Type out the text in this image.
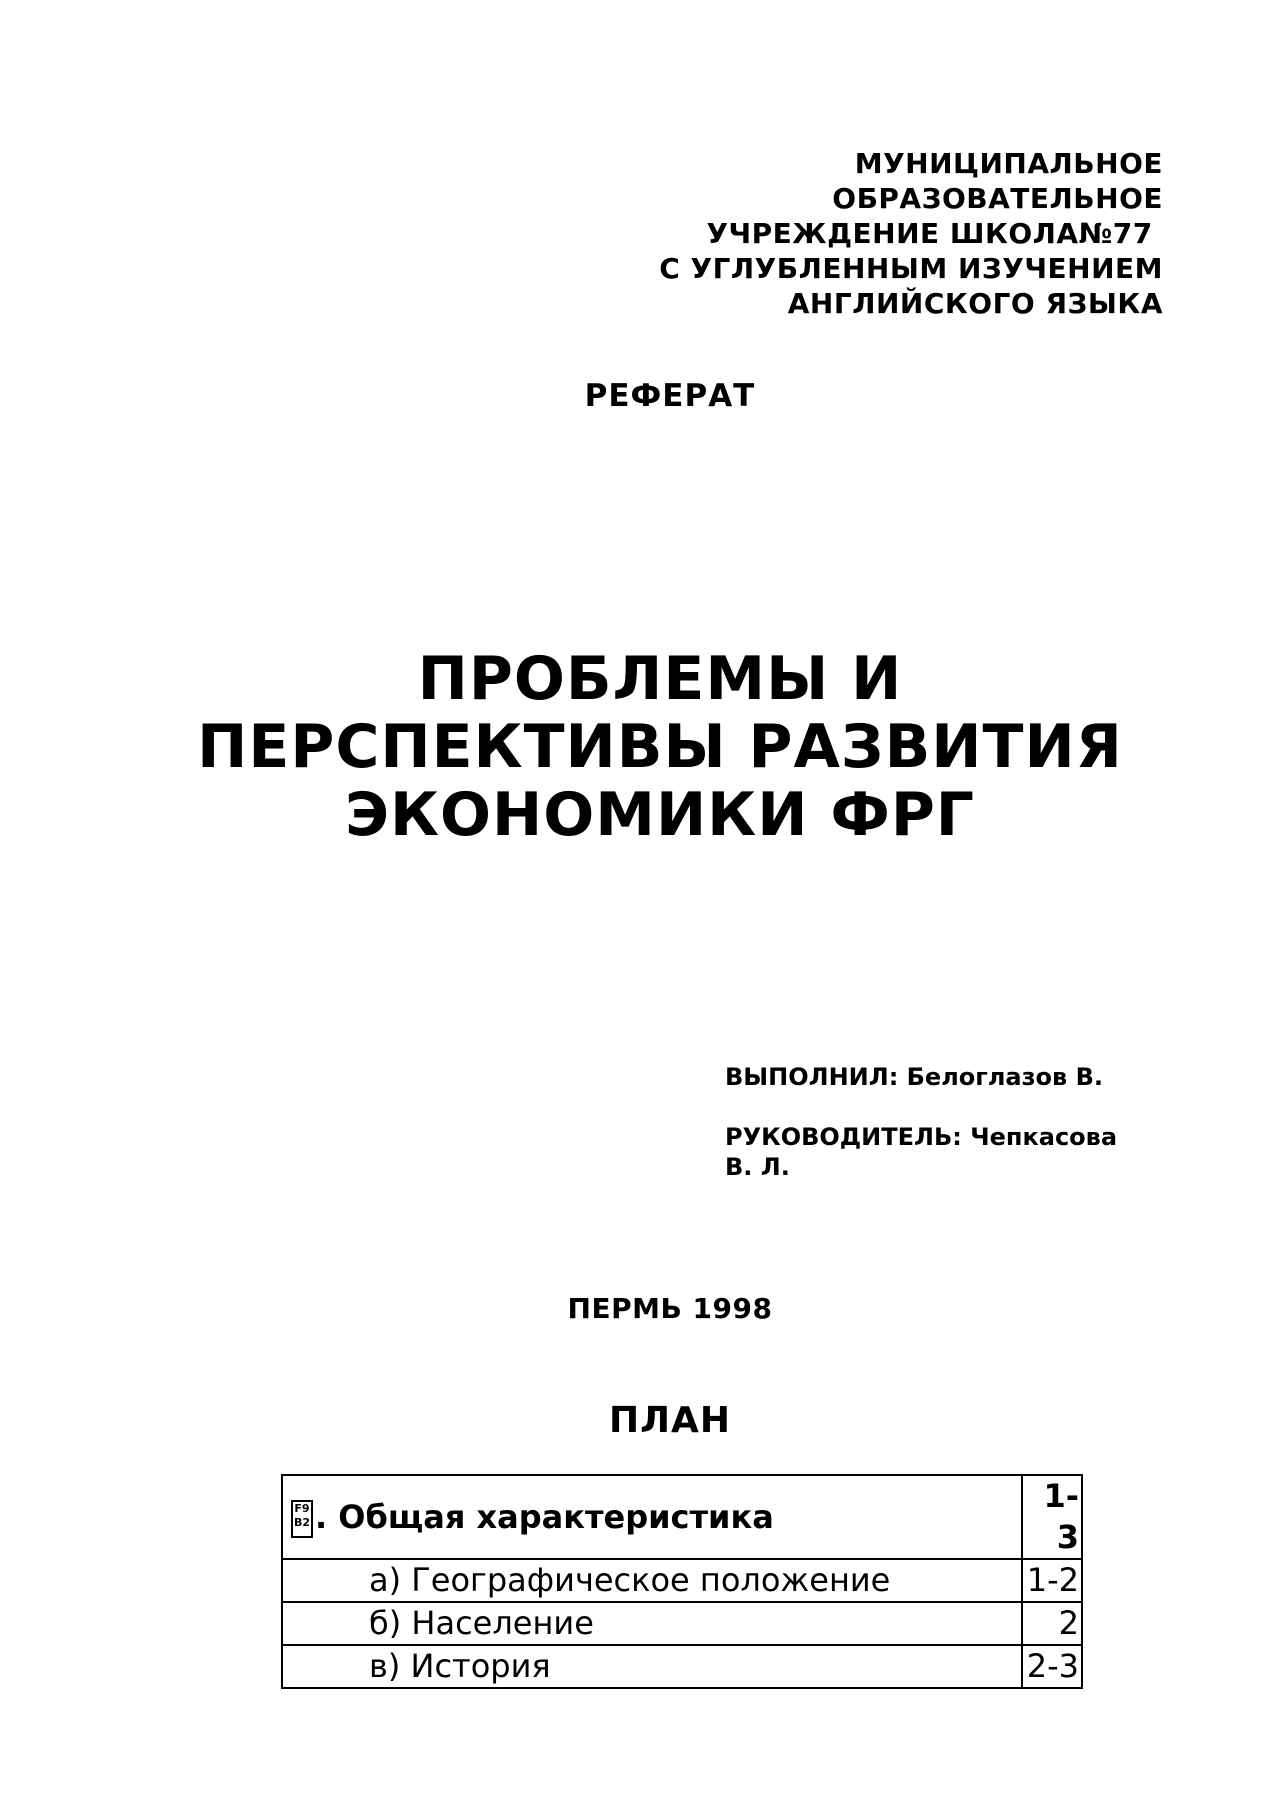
МУНИЦИПАЛЬНОЕ
ОБРАЗОВАТЕЛЬНОЕ
УЧРЕЖДЕНИЕ ШКОЛА№77
С УГЛУБЛЕННЫМ ИЗУЧЕНИЕМ
АНГЛИЙСКОГО ЯЗЫКА
РЕФЕРАТ
ПРОБЛЕМЫ И
ПЕРСПЕКТИВЫ РАЗВИТИЯ
ЭКОНОМИКИ ФРГ
ВЫПОЛНИЛ: Белоглазов В.
РУКОВОДИТЕЛЬ: Чепкасова
В. Л.
ПЕРМЬ 1998
ПЛАН
F9
B2 . Общая характеристика	1-3
а) Географическое положение	1-2
б) Население	2
в) История	2-3
